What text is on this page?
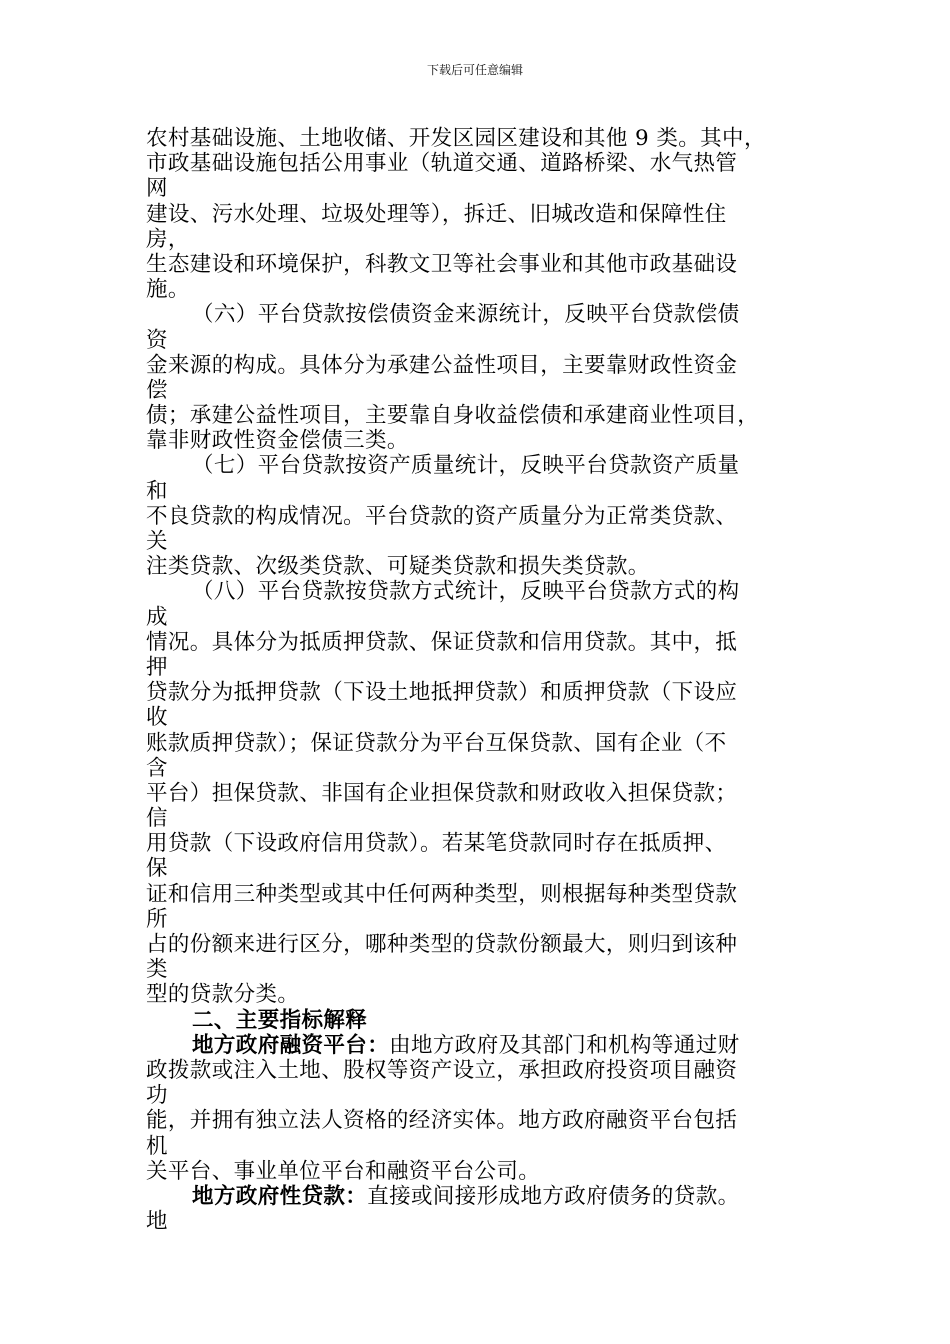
下载后可任意编辑
农村基础设施、土地收储、开发区园区建设和其他 9 类。其中，
市政基础设施包括公用事业（轨道交通、道路桥梁、水气热管
网
建设、污水处理、垃圾处理等），拆迁、旧城改造和保障性住
房，
生态建设和环境保护，科教文卫等社会事业和其他市政基础设
施。
（六）平台贷款按偿债资金来源统计，反映平台贷款偿债
资
金来源的构成。具体分为承建公益性项目，主要靠财政性资金
偿
债；承建公益性项目，主要靠自身收益偿债和承建商业性项目，
靠非财政性资金偿债三类。
（七）平台贷款按资产质量统计，反映平台贷款资产质量
和
不良贷款的构成情况。平台贷款的资产质量分为正常类贷款、
关
注类贷款、次级类贷款、可疑类贷款和损失类贷款。
（八）平台贷款按贷款方式统计，反映平台贷款方式的构
成
情况。具体分为抵质押贷款、保证贷款和信用贷款。其中，抵
押
贷款分为抵押贷款（下设土地抵押贷款）和质押贷款（下设应
收
账款质押贷款）；保证贷款分为平台互保贷款、国有企业（不
含
平台）担保贷款、非国有企业担保贷款和财政收入担保贷款；
信
用贷款（下设政府信用贷款）。若某笔贷款同时存在抵质押、
保
证和信用三种类型或其中任何两种类型，则根据每种类型贷款
所
占的份额来进行区分，哪种类型的贷款份额最大，则归到该种
类
型的贷款分类。
二、主要指标解释
地方政府融资平台：由地方政府及其部门和机构等通过财
政拨款或注入土地、股权等资产设立，承担政府投资项目融资
功
能，并拥有独立法人资格的经济实体。地方政府融资平台包括
机
关平台、事业单位平台和融资平台公司。
地方政府性贷款：直接或间接形成地方政府债务的贷款。
地
